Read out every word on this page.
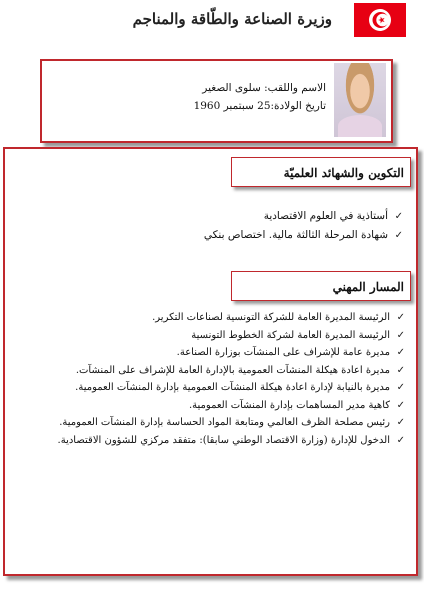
وزيرة الصناعة والطّاقة والمناجم
الاسم واللقب: سلوى الصغير
تاريخ الولادة:25 سبتمبر 1960
التكوين والشهائد العلميّة
✓
أستاذية في العلوم الاقتصادية
✓
شهادة المرحلة الثالثة مالية. اختصاص بنكي
المسار المهني
✓
الرئيسة المديرة العامة للشركة التونسية لصناعات التكرير.
✓
الرئيسة المديرة العامة لشركة الخطوط التونسية
✓
مديرة عامة للإشراف على المنشآت بوزارة الصناعة.
✓
مديرة اعادة هيكلة المنشآت العمومية بالإدارة العامة للإشراف على المنشآت.
✓
مديرة بالنيابة لإدارة اعادة هيكلة المنشآت العمومية بإدارة المنشآت العمومية.
✓
كاهية مدير المساهمات بإدارة المنشآت العمومية.
✓
رئيس مصلحة الظرف العالمي ومتابعة المواد الحساسة بإدارة المنشآت العمومية.
✓
الدخول للإدارة (وزارة الاقتصاد الوطني سابقا): متفقد مركزي للشؤون الاقتصادية.
